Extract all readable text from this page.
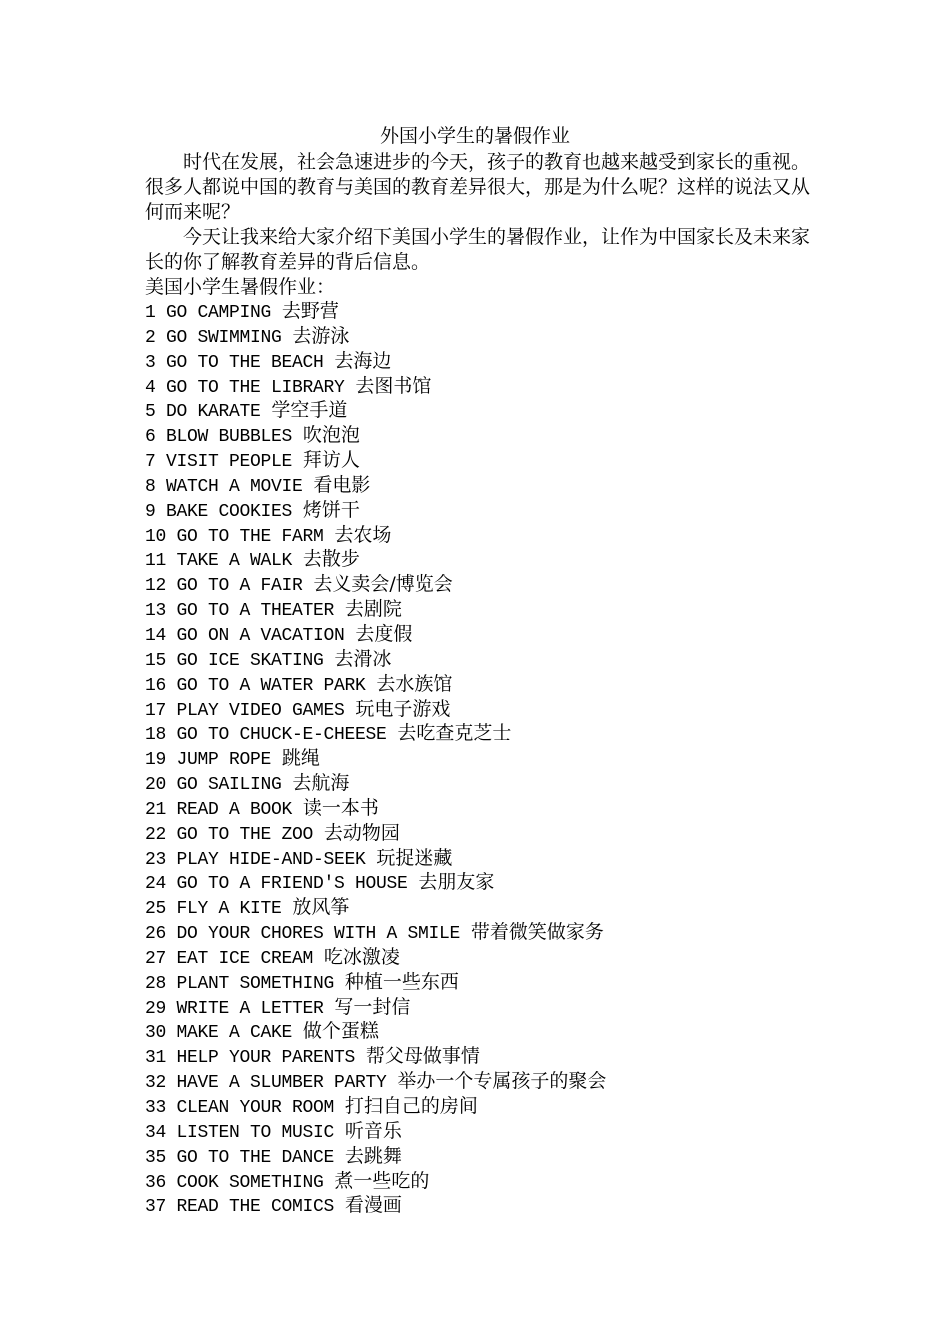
外国小学生的暑假作业

时代在发展，社会急速进步的今天，孩子的教育也越来越受到家长的重视。很多人都说中国的教育与美国的教育差异很大，那是为什么呢？这样的说法又从何而来呢？

今天让我来给大家介绍下美国小学生的暑假作业，让作为中国家长及未来家长的你了解教育差异的背后信息。

美国小学生暑假作业：

1 GO CAMPING 去野营
2 GO SWIMMING 去游泳
3 GO TO THE BEACH 去海边
4 GO TO THE LIBRARY 去图书馆
5 DO KARATE 学空手道
6 BLOW BUBBLES 吹泡泡
7 VISIT PEOPLE 拜访人
8 WATCH A MOVIE 看电影
9 BAKE COOKIES 烤饼干
10 GO TO THE FARM 去农场
11 TAKE A WALK 去散步
12 GO TO A FAIR 去义卖会/博览会
13 GO TO A THEATER 去剧院
14 GO ON A VACATION 去度假
15 GO ICE SKATING 去滑冰
16 GO TO A WATER PARK 去水族馆
17 PLAY VIDEO GAMES 玩电子游戏
18 GO TO CHUCK-E-CHEESE 去吃查克芝士
19 JUMP ROPE 跳绳
20 GO SAILING 去航海
21 READ A BOOK 读一本书
22 GO TO THE ZOO 去动物园
23 PLAY HIDE-AND-SEEK 玩捉迷藏
24 GO TO A FRIEND'S HOUSE 去朋友家
25 FLY A KITE 放风筝
26 DO YOUR CHORES WITH A SMILE 带着微笑做家务
27 EAT ICE CREAM 吃冰激凌
28 PLANT SOMETHING 种植一些东西
29 WRITE A LETTER 写一封信
30 MAKE A CAKE 做个蛋糕
31 HELP YOUR PARENTS 帮父母做事情
32 HAVE A SLUMBER PARTY 举办一个专属孩子的聚会
33 CLEAN YOUR ROOM 打扫自己的房间
34 LISTEN TO MUSIC 听音乐
35 GO TO THE DANCE 去跳舞
36 COOK SOMETHING 煮一些吃的
37 READ THE COMICS 看漫画
